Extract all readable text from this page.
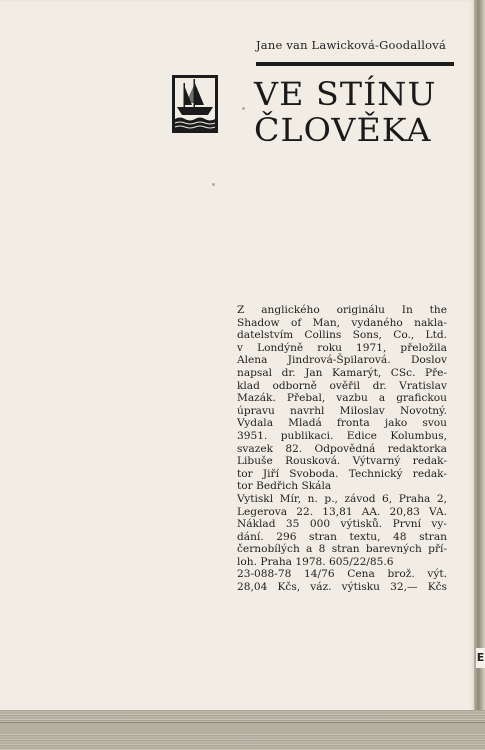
Jane van Lawicková-Goodallová
VE STÍNU
ČLOVĚKA

Z anglického originálu In the

Shadow of Man, vydaného nakla-

datelstvím Collins Sons, Co., Ltd.

v Londýně roku 1971, přeložila

Alena Jindrová-Špilarová. Doslov

napsal dr. Jan Kamarýt, CSc. Pře-

klad odborně ověřil dr. Vratislav

Mazák. Přebal, vazbu a grafickou

úpravu navrhl Miloslav Novotný.

Vydala Mladá fronta jako svou

3951. publikaci. Edice Kolumbus,

svazek 82. Odpovědná redaktorka

Libuše Rousková. Výtvarný redak-

tor Jiří Svoboda. Technický redak-

tor Bedřich Skála

Vytiskl Mír, n. p., závod 6, Praha 2,

Legerova 22. 13,81 AA. 20,83 VA.

Náklad 35 000 výtisků. První vy-

dání. 296 stran textu, 48 stran

černobílých a 8 stran barevných pří-

loh. Praha 1978. 605/22/85.6

23-088-78 14/76 Cena brož. výt.

28,04 Kčs, váz. výtisku 32,— Kčs

E
